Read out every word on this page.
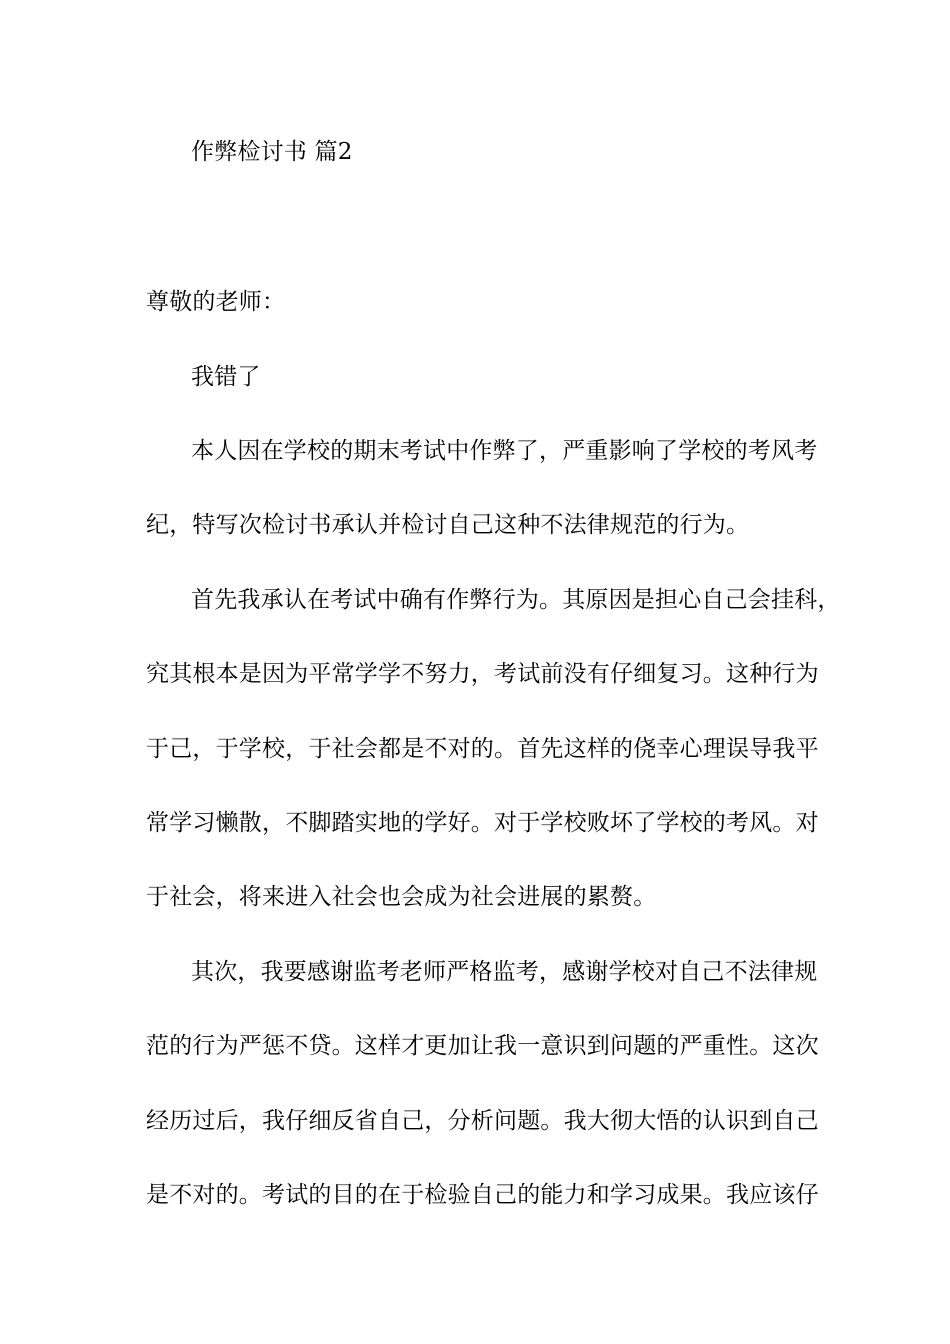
作弊检讨书 篇2
尊敬的老师：
我错了
本人因在学校的期末考试中作弊了，严重影响了学校的考风考
纪，特写次检讨书承认并检讨自己这种不法律规范的行为。
首先我承认在考试中确有作弊行为。其原因是担心自己会挂科，
究其根本是因为平常学学不努力，考试前没有仔细复习。这种行为
于己，于学校，于社会都是不对的。首先这样的侥幸心理误导我平
常学习懒散，不脚踏实地的学好。对于学校败坏了学校的考风。对
于社会，将来进入社会也会成为社会进展的累赘。
其次，我要感谢监考老师严格监考，感谢学校对自己不法律规
范的行为严惩不贷。这样才更加让我一意识到问题的严重性。这次
经历过后，我仔细反省自己，分析问题。我大彻大悟的认识到自己
是不对的。考试的目的在于检验自己的能力和学习成果。我应该仔
